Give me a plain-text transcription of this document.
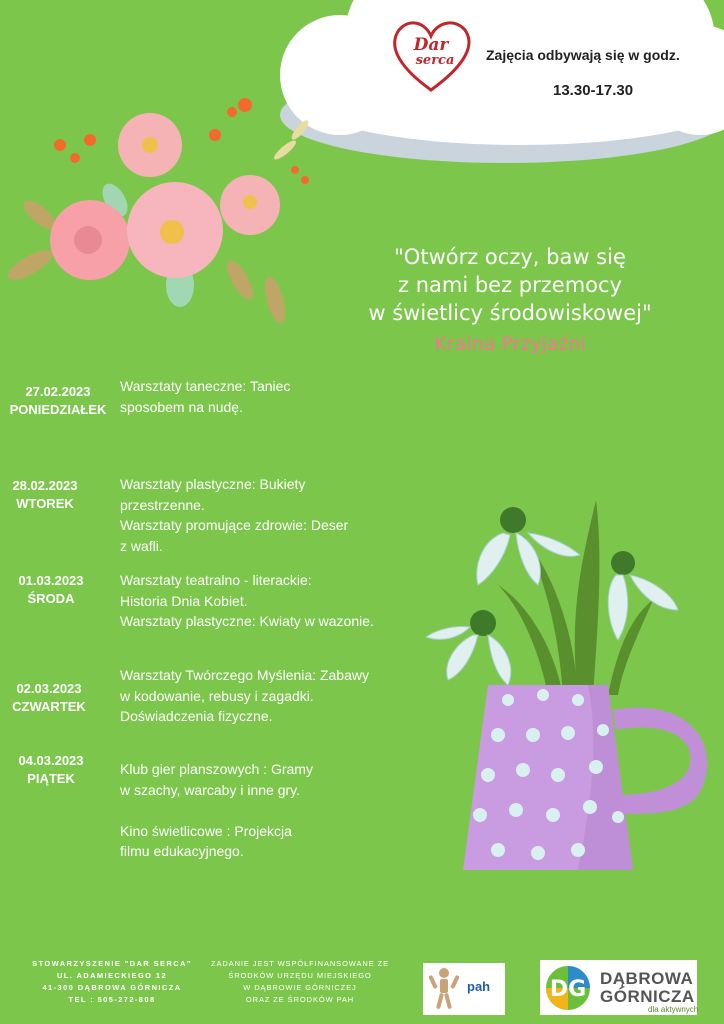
Dar
serca Zajęcia odbywają się w godz.
13.30-17.30
"Otwórz oczy, baw się
z nami bez przemocy
w świetlicy środowiskowej"
Kraina Przyjaźni
27.02.2023
PONIEDZIAŁEK
Warsztaty taneczne: Taniec
sposobem na nudę.
28.02.2023
WTOREK
Warsztaty plastyczne: Bukiety
przestrzenne.
Warsztaty promujące zdrowie: Deser
z wafli.
01.03.2023
ŚRODA
Warsztaty teatralno - literackie:
Historia Dnia Kobiet.
Warsztaty plastyczne: Kwiaty w wazonie.
02.03.2023
CZWARTEK
Warsztaty Twórczego Myślenia: Zabawy
w kodowanie, rebusy i zagadki.
Doświadczenia fizyczne.
04.03.2023
PIĄTEK
Klub gier planszowych : Gramy
w szachy, warcaby i inne gry.
Kino świetlicowe : Projekcja
filmu edukacyjnego.
STOWARZYSZENIE "DAR SERCA"
UL. ADAMIECKIEGO 12
41-300 DĄBROWA GÓRNICZA
TEL : 505-272-808
ZADANIE JEST WSPÓŁFINANSOWANE ZE
ŚRODKÓW URZĘDU MIEJSKIEGO
W DĄBROWIE GÓRNICZEJ
ORAZ ZE ŚRODKÓW PAH
pah	DG DĄBROWA
GÓRNICZA
dla aktywnych
